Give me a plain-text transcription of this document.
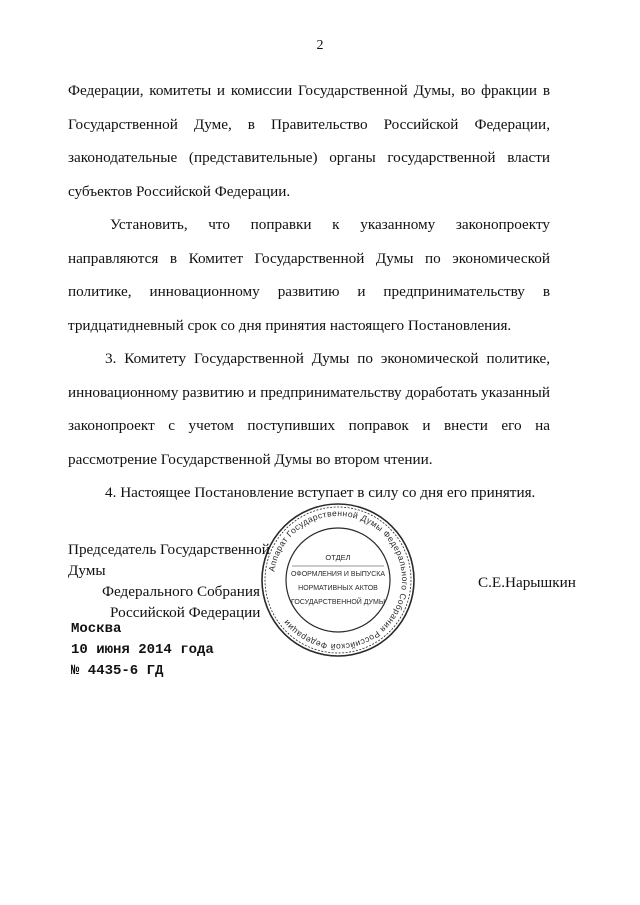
2
Федерации, комитеты и комиссии Государственной Думы, во фракции в
Государственной Думе, в Правительство Российской Федерации,
законодательные (представительные) органы государственной власти
субъектов Российской Федерации.
Установить, что поправки к указанному законопроекту
направляются в Комитет Государственной Думы по экономической
политике, инновационному развитию и предпринимательству в
тридцатидневный срок со дня принятия настоящего Постановления.
3. Комитету Государственной Думы по экономической политике,
инновационному развитию и предпринимательству доработать указанный
законопроект с учетом поступивших поправок и внести его на
рассмотрение Государственной Думы во втором чтении.
4. Настоящее Постановление вступает в силу со дня его принятия.
Аппарат Государственной Думы Федерального Собрания Российской Федерации
ОТДЕЛ
ОФОРМЛЕНИЯ И ВЫПУСКА
НОРМАТИВНЫХ АКТОВ
ГОСУДАРСТВЕННОЙ ДУМЫ
Председатель Государственной Думы
Федерального Собрания
Российской Федерации
С.Е.Нарышкин
Москва
10 июня 2014 года
№ 4435-6 ГД
